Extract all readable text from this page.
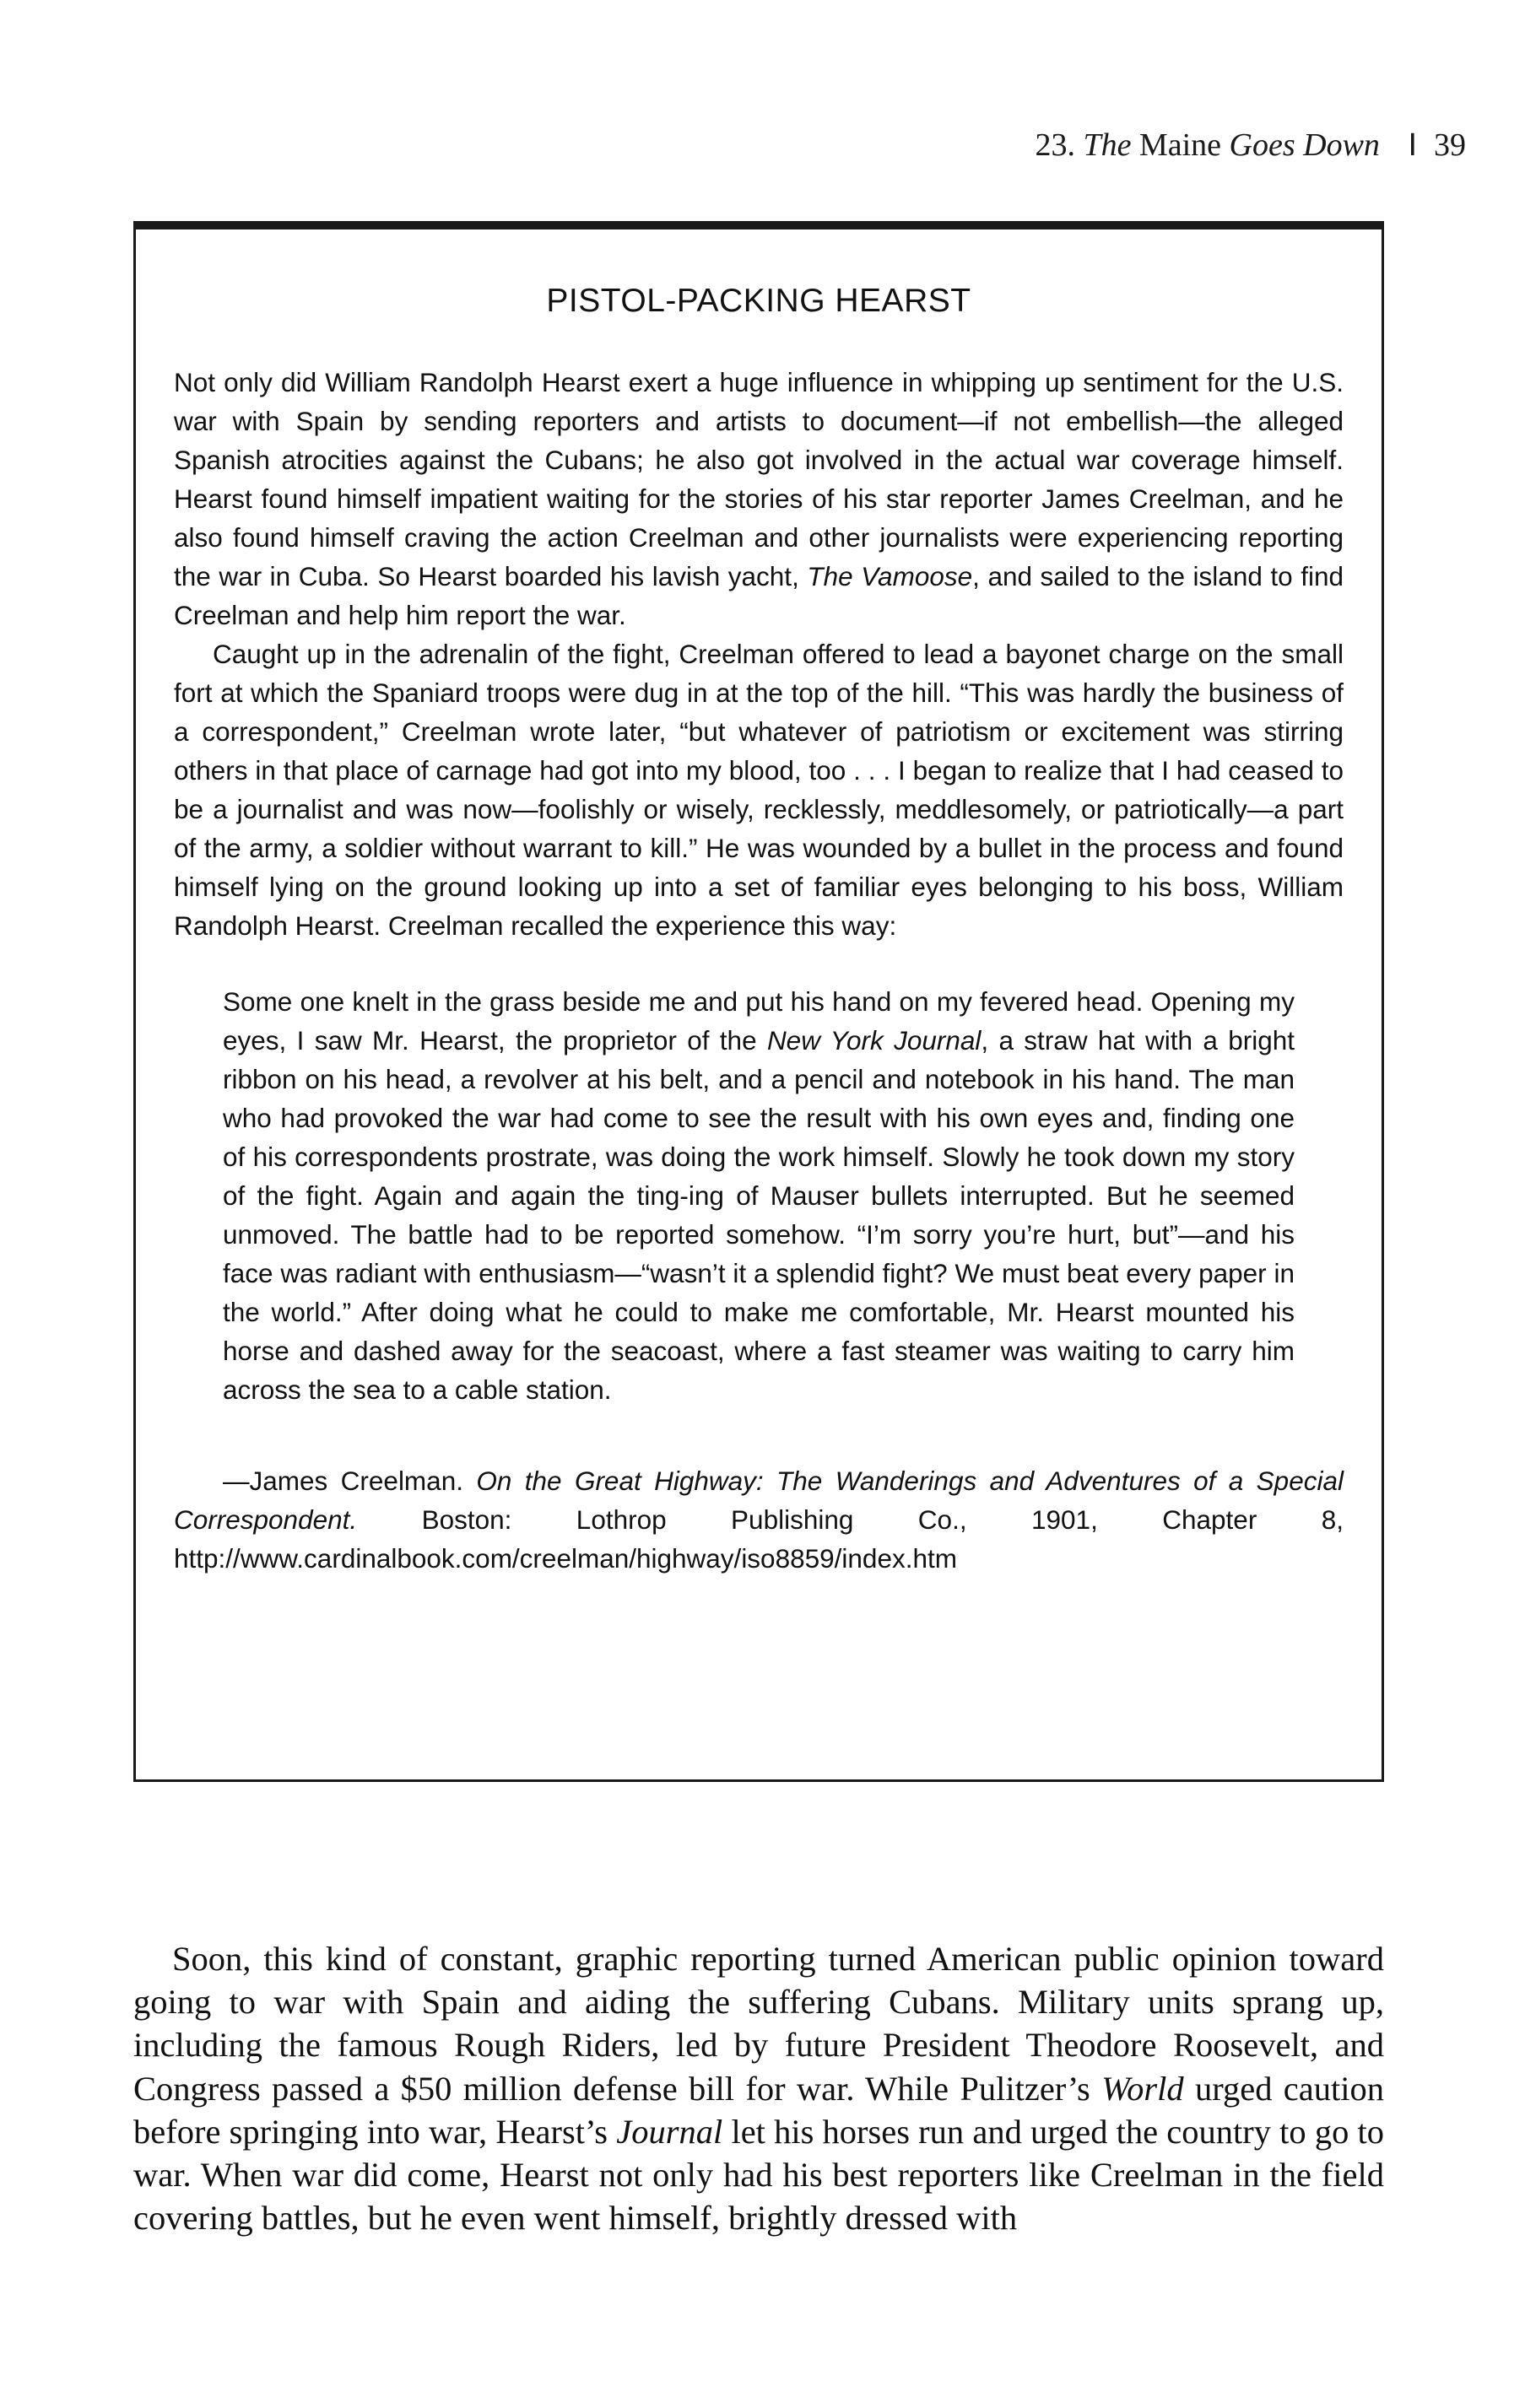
23. The Maine Goes Down I 39
PISTOL-PACKING HEARST

Not only did William Randolph Hearst exert a huge influence in whipping up sentiment for the U.S. war with Spain by sending reporters and artists to document—if not embellish—the alleged Spanish atrocities against the Cubans; he also got involved in the actual war coverage himself. Hearst found himself impatient waiting for the stories of his star reporter James Creelman, and he also found himself craving the action Creelman and other journalists were experiencing reporting the war in Cuba. So Hearst boarded his lavish yacht, The Vamoose, and sailed to the island to find Creelman and help him report the war.

Caught up in the adrenalin of the fight, Creelman offered to lead a bayonet charge on the small fort at which the Spaniard troops were dug in at the top of the hill. “This was hardly the business of a correspondent,” Creelman wrote later, “but whatever of patriotism or excitement was stirring others in that place of carnage had got into my blood, too . . . I began to realize that I had ceased to be a journalist and was now—foolishly or wisely, recklessly, meddlesomely, or patriotically—a part of the army, a soldier without warrant to kill.” He was wounded by a bullet in the process and found himself lying on the ground looking up into a set of familiar eyes belonging to his boss, William Randolph Hearst. Creelman recalled the experience this way:

Some one knelt in the grass beside me and put his hand on my fevered head. Opening my eyes, I saw Mr. Hearst, the proprietor of the New York Journal, a straw hat with a bright ribbon on his head, a revolver at his belt, and a pencil and notebook in his hand. The man who had provoked the war had come to see the result with his own eyes and, finding one of his correspondents prostrate, was doing the work himself. Slowly he took down my story of the fight. Again and again the ting-ing of Mauser bullets interrupted. But he seemed unmoved. The battle had to be reported somehow. “I’m sorry you’re hurt, but”—and his face was radiant with enthusiasm—“wasn’t it a splendid fight? We must beat every paper in the world.” After doing what he could to make me comfortable, Mr. Hearst mounted his horse and dashed away for the seacoast, where a fast steamer was waiting to carry him across the sea to a cable station.
—James Creelman. On the Great Highway: The Wanderings and Adventures of a Special Correspondent. Boston: Lothrop Publishing Co., 1901, Chapter 8, http://www.cardinalbook.com/creelman/highway/iso8859/index.htm

Soon, this kind of constant, graphic reporting turned American public opinion toward going to war with Spain and aiding the suffering Cubans. Military units sprang up, including the famous Rough Riders, led by future President Theodore Roosevelt, and Congress passed a $50 million defense bill for war. While Pulitzer’s World urged caution before springing into war, Hearst’s Journal let his horses run and urged the country to go to war. When war did come, Hearst not only had his best reporters like Creelman in the field covering battles, but he even went himself, brightly dressed with
